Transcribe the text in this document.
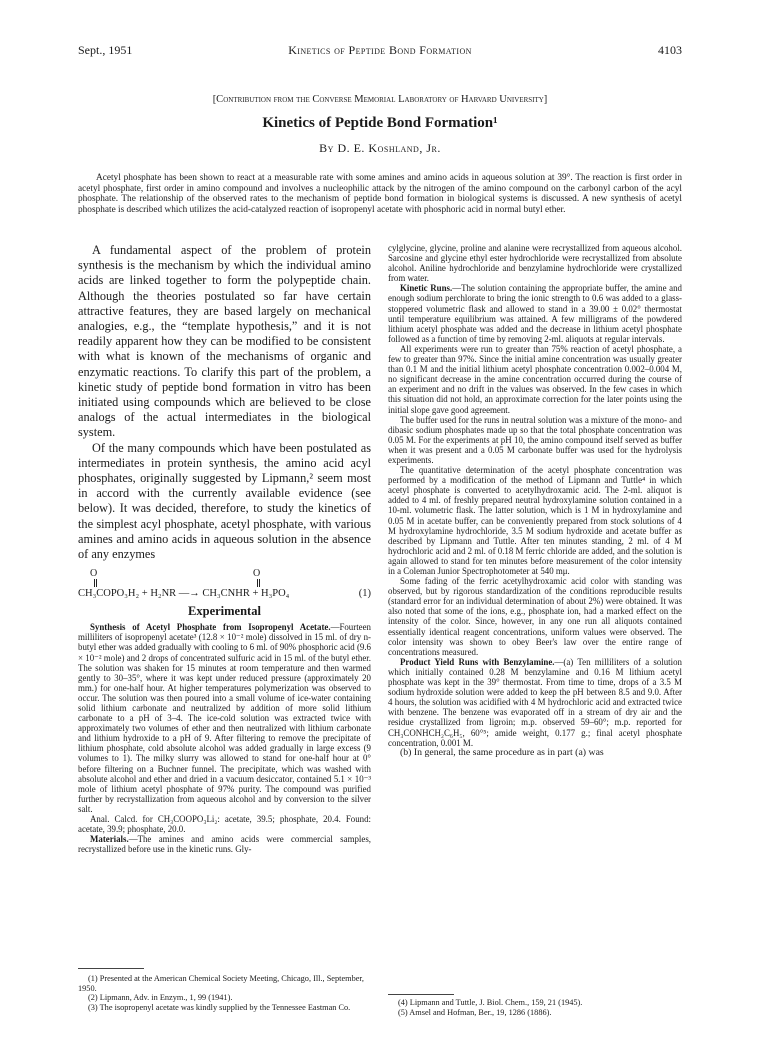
Sept., 1951	Kinetics of Peptide Bond Formation	4103
[Contribution from the Converse Memorial Laboratory of Harvard University]
Kinetics of Peptide Bond Formation¹
By D. E. Koshland, Jr.

Acetyl phosphate has been shown to react at a measurable rate with some amines and amino acids in aqueous solution at 39°. The reaction is first order in acetyl phosphate, first order in amino compound and involves a nucleophilic attack by the nitrogen of the amino compound on the carbonyl carbon of the acyl phosphate. The relationship of the observed rates to the mechanism of peptide bond formation in biological systems is discussed. A new synthesis of acetyl phosphate is described which utilizes the acid-catalyzed reaction of isopropenyl acetate with phosphoric acid in normal butyl ether.

A fundamental aspect of the problem of protein synthesis is the mechanism by which the individual amino acids are linked together to form the polypeptide chain. Although the theories postulated so far have certain attractive features, they are based largely on mechanical analogies, e.g., the “template hypothesis,” and it is not readily apparent how they can be modified to be consistent with what is known of the mechanisms of organic and enzymatic reactions. To clarify this part of the problem, a kinetic study of peptide bond formation in vitro has been initiated using compounds which are believed to be close analogs of the actual intermediates in the biological system.

Of the many compounds which have been postulated as intermediates in protein synthesis, the amino acid acyl phosphates, originally suggested by Lipmann,² seem most in accord with the currently available evidence (see below). It was decided, therefore, to study the kinetics of the simplest acyl phosphate, acetyl phosphate, with various amines and amino acids in aqueous solution in the absence of any enzymes

O	O
CH₃COPO₃H₂ + H₂NR —→ CH₃CNHR + H₃PO₄	(1)
Experimental

Synthesis of Acetyl Phosphate from Isopropenyl Acetate.—Fourteen milliliters of isopropenyl acetate³ (12.8 × 10⁻² mole) dissolved in 15 ml. of dry n-butyl ether was added gradually with cooling to 6 ml. of 90% phosphoric acid (9.6 × 10⁻² mole) and 2 drops of concentrated sulfuric acid in 15 ml. of the butyl ether. The solution was shaken for 15 minutes at room temperature and then warmed gently to 30–35°, where it was kept under reduced pressure (approximately 20 mm.) for one-half hour. At higher temperatures polymerization was observed to occur. The solution was then poured into a small volume of ice-water containing solid lithium carbonate and neutralized by addition of more solid lithium carbonate to a pH of 3–4. The ice-cold solution was extracted twice with approximately two volumes of ether and then neutralized with lithium carbonate and lithium hydroxide to a pH of 9. After filtering to remove the precipitate of lithium phosphate, cold absolute alcohol was added gradually in large excess (9 volumes to 1). The milky slurry was allowed to stand for one-half hour at 0° before filtering on a Buchner funnel. The precipitate, which was washed with absolute alcohol and ether and dried in a vacuum desiccator, contained 5.1 × 10⁻³ mole of lithium acetyl phosphate of 97% purity. The compound was purified further by recrystallization from aqueous alcohol and by conversion to the silver salt.

Anal. Calcd. for CH₃COOPO₃Li₂: acetate, 39.5; phosphate, 20.4. Found: acetate, 39.9; phosphate, 20.0.

Materials.—The amines and amino acids were commercial samples, recrystallized before use in the kinetic runs. Gly-

cylglycine, glycine, proline and alanine were recrystallized from aqueous alcohol. Sarcosine and glycine ethyl ester hydrochloride were recrystallized from absolute alcohol. Aniline hydrochloride and benzylamine hydrochloride were crystallized from water.

Kinetic Runs.—The solution containing the appropriate buffer, the amine and enough sodium perchlorate to bring the ionic strength to 0.6 was added to a glass-stoppered volumetric flask and allowed to stand in a 39.00 ± 0.02° thermostat until temperature equilibrium was attained. A few milligrams of the powdered lithium acetyl phosphate was added and the decrease in lithium acetyl phosphate followed as a function of time by removing 2-ml. aliquots at regular intervals.

All experiments were run to greater than 75% reaction of acetyl phosphate, a few to greater than 97%. Since the initial amine concentration was usually greater than 0.1 M and the initial lithium acetyl phosphate concentration 0.002–0.004 M, no significant decrease in the amine concentration occurred during the course of an experiment and no drift in the values was observed. In the few cases in which this situation did not hold, an approximate correction for the later points using the initial slope gave good agreement.

The buffer used for the runs in neutral solution was a mixture of the mono- and dibasic sodium phosphates made up so that the total phosphate concentration was 0.05 M. For the experiments at pH 10, the amino compound itself served as buffer when it was present and a 0.05 M carbonate buffer was used for the hydrolysis experiments.

The quantitative determination of the acetyl phosphate concentration was performed by a modification of the method of Lipmann and Tuttle⁴ in which acetyl phosphate is converted to acetylhydroxamic acid. The 2-ml. aliquot is added to 4 ml. of freshly prepared neutral hydroxylamine solution contained in a 10-ml. volumetric flask. The latter solution, which is 1 M in hydroxylamine and 0.05 M in acetate buffer, can be conveniently prepared from stock solutions of 4 M hydroxylamine hydrochloride, 3.5 M sodium hydroxide and acetate buffer as described by Lipmann and Tuttle. After ten minutes standing, 2 ml. of 4 M hydrochloric acid and 2 ml. of 0.18 M ferric chloride are added, and the solution is again allowed to stand for ten minutes before measurement of the color intensity in a Coleman Junior Spectrophotometer at 540 mμ.

Some fading of the ferric acetylhydroxamic acid color with standing was observed, but by rigorous standardization of the conditions reproducible results (standard error for an individual determination of about 2%) were obtained. It was also noted that some of the ions, e.g., phosphate ion, had a marked effect on the intensity of the color. Since, however, in any one run all aliquots contained essentially identical reagent concentrations, uniform values were observed. The color intensity was shown to obey Beer's law over the entire range of concentrations measured.

Product Yield Runs with Benzylamine.—(a) Ten milliliters of a solution which initially contained 0.28 M benzylamine and 0.16 M lithium acetyl phosphate was kept in the 39° thermostat. From time to time, drops of a 3.5 M sodium hydroxide solution were added to keep the pH between 8.5 and 9.0. After 4 hours, the solution was acidified with 4 M hydrochloric acid and extracted twice with benzene. The benzene was evaporated off in a stream of dry air and the residue crystallized from ligroin; m.p. observed 59–60°; m.p. reported for CH₃CONHCH₂C₆H₅, 60°⁵; amide weight, 0.177 g.; final acetyl phosphate concentration, 0.001 M.

(b) In general, the same procedure as in part (a) was

(1) Presented at the American Chemical Society Meeting, Chicago, Ill., September, 1950.

(2) Lipmann, Adv. in Enzym., 1, 99 (1941).

(3) The isopropenyl acetate was kindly supplied by the Tennessee Eastman Co.

(4) Lipmann and Tuttle, J. Biol. Chem., 159, 21 (1945).

(5) Amsel and Hofman, Ber., 19, 1286 (1886).
